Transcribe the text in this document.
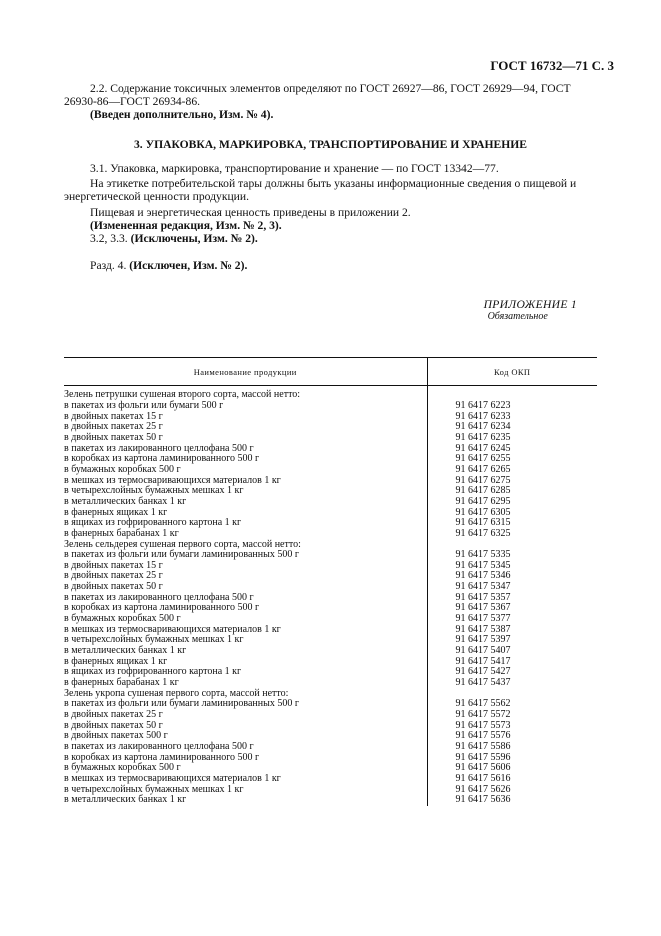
ГОСТ 16732—71 С. 3

2.2. Содержание токсичных элементов определяют по ГОСТ 26927—86, ГОСТ 26929—94, ГОСТ 26930-86—ГОСТ 26934-86.

(Введен дополнительно, Изм. № 4).

3. УПАКОВКА, МАРКИРОВКА, ТРАНСПОРТИРОВАНИЕ И ХРАНЕНИЕ

3.1. Упаковка, маркировка, транспортирование и хранение — по ГОСТ 13342—77.

На этикетке потребительской тары должны быть указаны информационные сведения о пищевой и энергетической ценности продукции.

Пищевая и энергетическая ценность приведены в приложении 2.

(Измененная редакция, Изм. № 2, 3).

3.2, 3.3. (Исключены, Изм. № 2).

Разд. 4. (Исключен, Изм. № 2).

ПРИЛОЖЕНИЕ 1
Обязательное
Наименование продукции	Код ОКП
Зелень петрушки сушеная второго сорта, массой нетто:	
в пакетах из фольги или бумаги 500 г	91 6417 6223
в двойных пакетах 15 г	91 6417 6233
в двойных пакетах 25 г	91 6417 6234
в двойных пакетах 50 г	91 6417 6235
в пакетах из лакированного целлофана 500 г	91 6417 6245
в коробках из картона ламинированного 500 г	91 6417 6255
в бумажных коробках 500 г	91 6417 6265
в мешках из термосваривающихся материалов 1 кг	91 6417 6275
в четырехслойных бумажных мешках 1 кг	91 6417 6285
в металлических банках 1 кг	91 6417 6295
в фанерных ящиках 1 кг	91 6417 6305
в ящиках из гофрированного картона 1 кг	91 6417 6315
в фанерных барабанах 1 кг	91 6417 6325
Зелень сельдерея сушеная первого сорта, массой нетто:	
в пакетах из фольги или бумаги ламинированных 500 г	91 6417 5335
в двойных пакетах 15 г	91 6417 5345
в двойных пакетах 25 г	91 6417 5346
в двойных пакетах 50 г	91 6417 5347
в пакетах из лакированного целлофана 500 г	91 6417 5357
в коробках из картона ламинированного 500 г	91 6417 5367
в бумажных коробках 500 г	91 6417 5377
в мешках из термосваривающихся материалов 1 кг	91 6417 5387
в четырехслойных бумажных мешках 1 кг	91 6417 5397
в металлических банках 1 кг	91 6417 5407
в фанерных ящиках 1 кг	91 6417 5417
в ящиках из гофрированного картона 1 кг	91 6417 5427
в фанерных барабанах 1 кг	91 6417 5437
Зелень укропа сушеная первого сорта, массой нетто:	
в пакетах из фольги или бумаги ламинированных 500 г	91 6417 5562
в двойных пакетах 25 г	91 6417 5572
в двойных пакетах 50 г	91 6417 5573
в двойных пакетах 500 г	91 6417 5576
в пакетах из лакированного целлофана 500 г	91 6417 5586
в коробках из картона ламинированного 500 г	91 6417 5596
в бумажных коробках 500 г	91 6417 5606
в мешках из термосваривающихся материалов 1 кг	91 6417 5616
в четырехслойных бумажных мешках 1 кг	91 6417 5626
в металлических банках 1 кг	91 6417 5636
